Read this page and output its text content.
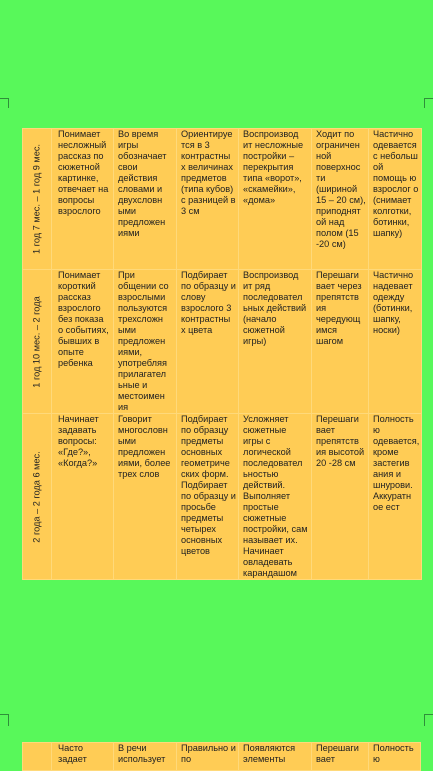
1 год 7 мес. – 1 год 9 мес.	Понимает несложный рассказ по сюжетной картинке, отвечает на вопросы взрослого	Во время игры обозначает свои действия словами и двухсловн ыми предложен иями	Ориентируе тся в 3 контрастны х величинах предметов (типа кубов) с разницей в 3 см	Воспроизвод ит несложные постройки – перекрытия типа «ворот», «скамейки», «дома»	Ходит по ограничен ной поверхнос ти (шириной 15 – 20 см), приподнят ой над полом (15 -20 см)	Частично одевается с небольш ой помощь ю взрослог о (снимает колготки, ботинки, шапку)

1 год 10 мес. – 2 года	Понимает короткий рассказ взрослого без показа о событиях, бывших в опыте ребенка	При общении со взрослыми пользуются трехсложн ыми предложен иями, употребляя прилагател ьные и местоимен ия	Подбирает по образцу и слову взрослого 3 контрастны х цвета	Воспроизвод ит ряд последовател ьных действий (начало сюжетной игры)	Перешаги вает через препятств ия чередующ имся шагом	Частично надевает одежду (ботинки, шапку, носки)

2 года – 2 года 6 мес.	Начинает задавать вопросы: «Где?», «Когда?»	Говорит многословн ыми предложен иями, более трех слов	Подбирает по образцу предметы основных геометриче ских форм. Подбирает по образцу и просьбе предметы четырех основных цветов	Усложняет сюжетные игры с логической последовател ьностью действий. Выполняет простые сюжетные постройки, сам называет их. Начинает овладевать карандашом	Перешаги вает препятств ия высотой 20 -28 см	Полность ю одевается, кроме застегив ания и шнурови. Аккуратн ое ест
	Часто задает	В речи использует	Правильно и по	Появляются элементы	Перешаги вает	Полность ю
